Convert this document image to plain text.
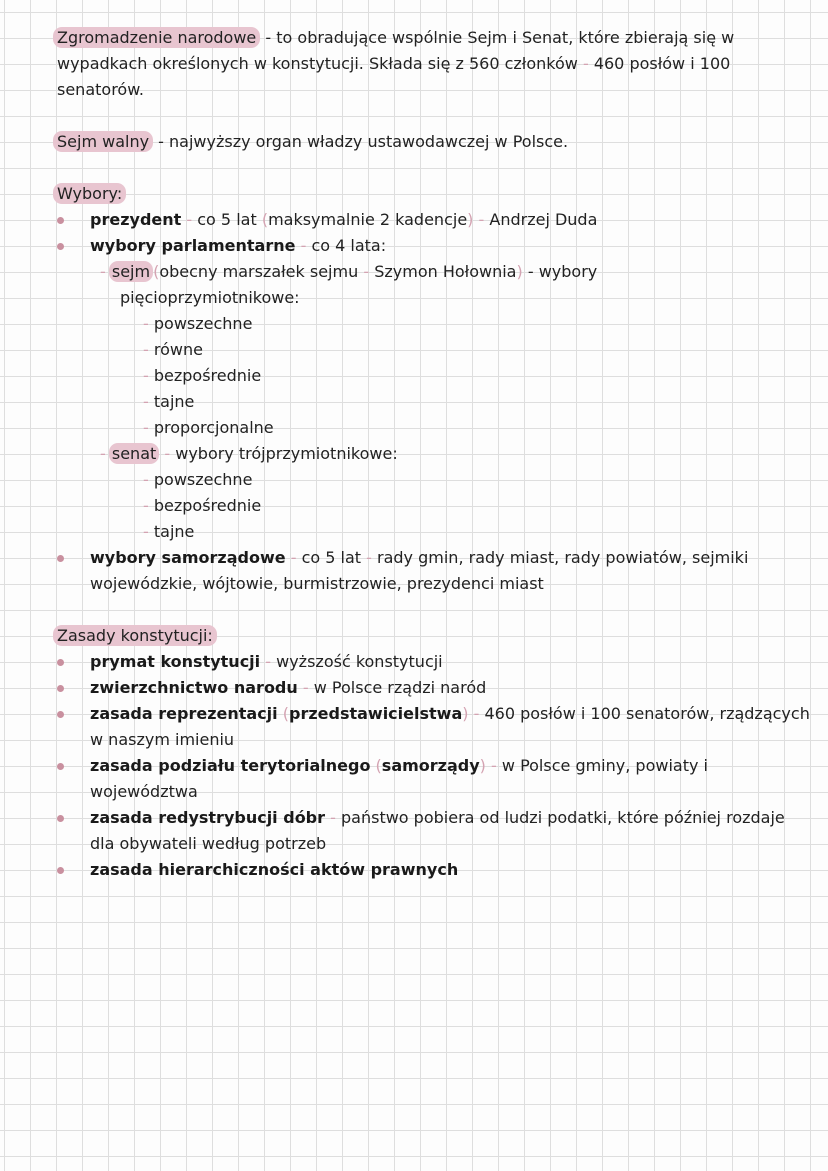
Zgromadzenie narodowe - to obradujące wspólnie Sejm i Senat, które zbierają się w
wypadkach określonych w konstytucji. Składa się z 560 członków - 460 posłów i 100
senatorów.
Sejm walny - najwyższy organ władzy ustawodawczej w Polsce.
Wybory:
prezydent - co 5 lat (maksymalnie 2 kadencje) - Andrzej Duda
wybory parlamentarne - co 4 lata:
- sejm (obecny marszałek sejmu - Szymon Hołownia) - wybory
pięcioprzymiotnikowe:
- powszechne
- równe
- bezpośrednie
- tajne
- proporcjonalne
- senat - wybory trójprzymiotnikowe:
- powszechne
- bezpośrednie
- tajne
wybory samorządowe - co 5 lat - rady gmin, rady miast, rady powiatów, sejmiki
wojewódzkie, wójtowie, burmistrzowie, prezydenci miast
Zasady konstytucji:
prymat konstytucji - wyższość konstytucji
zwierzchnictwo narodu - w Polsce rządzi naród
zasada reprezentacji (przedstawicielstwa) - 460 posłów i 100 senatorów, rządzących
w naszym imieniu
zasada podziału terytorialnego (samorządy) - w Polsce gminy, powiaty i
województwa
zasada redystrybucji dóbr - państwo pobiera od ludzi podatki, które później rozdaje
dla obywateli według potrzeb
zasada hierarchiczności aktów prawnych
